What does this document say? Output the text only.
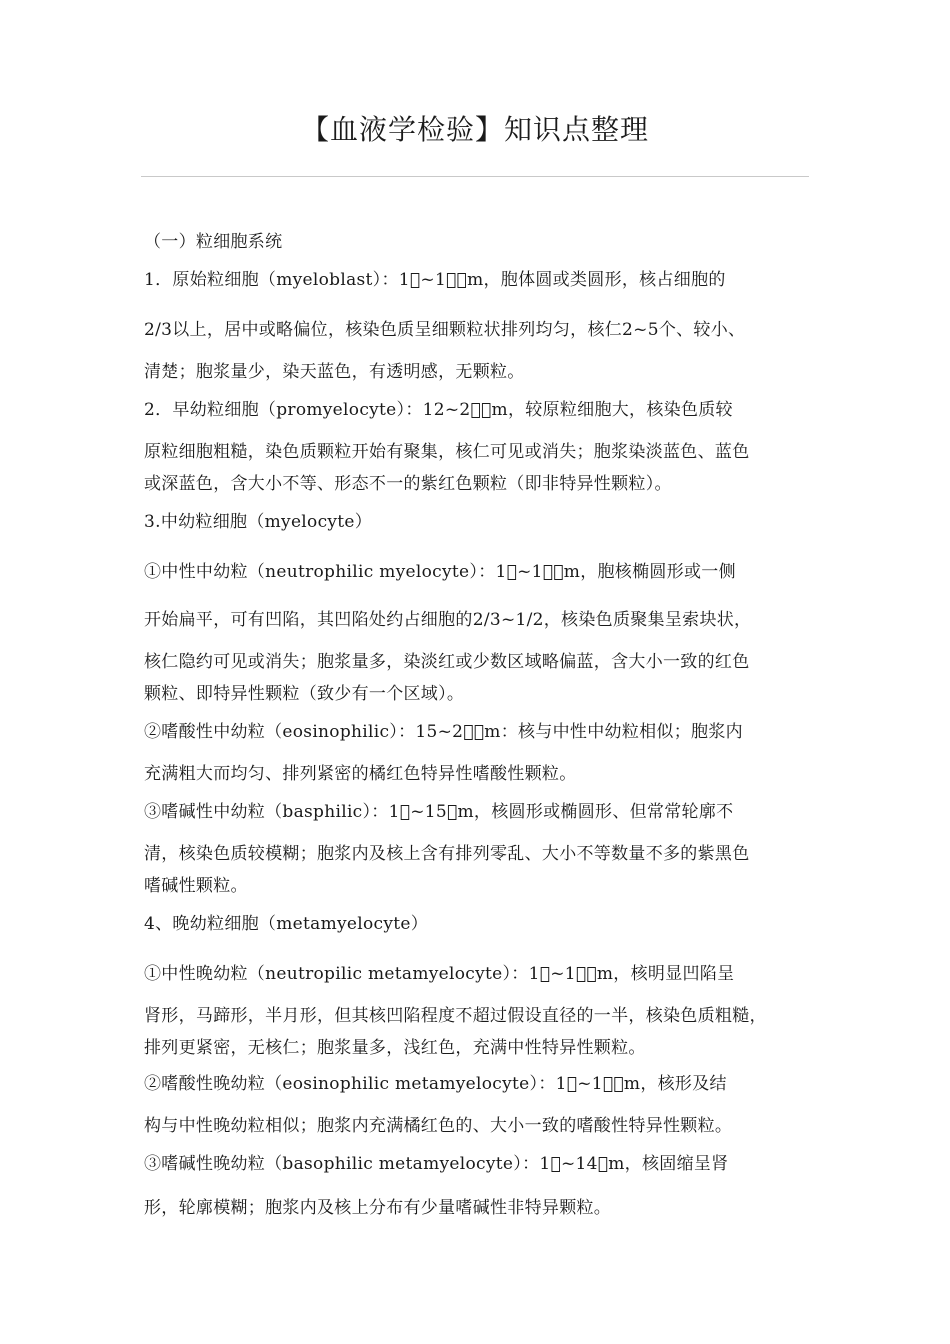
【血液学检验】知识点整理
（一）粒细胞系统
1．原始粒细胞（myeloblast）：1 ~1  m，胞体圆或类圆形，核占细胞的
2/3以上，居中或略偏位，核染色质呈细颗粒状排列均匀，核仁2~5个、较小、
清楚；胞浆量少，染天蓝色，有透明感，无颗粒。
2．早幼粒细胞（promyelocyte）：12~2  m，较原粒细胞大，核染色质较
原粒细胞粗糙，染色质颗粒开始有聚集，核仁可见或消失；胞浆染淡蓝色、蓝色
或深蓝色，含大小不等、形态不一的紫红色颗粒（即非特异性颗粒）。
3.中幼粒细胞（myelocyte）
①中性中幼粒（neutrophilic myelocyte）：1 ~1  m，胞核椭圆形或一侧
开始扁平，可有凹陷，其凹陷处约占细胞的2/3~1/2，核染色质聚集呈索块状，
核仁隐约可见或消失；胞浆量多，染淡红或少数区域略偏蓝，含大小一致的红色
颗粒、即特异性颗粒（致少有一个区域）。
②嗜酸性中幼粒（eosinophilic）：15~2  m：核与中性中幼粒相似；胞浆内
充满粗大而均匀、排列紧密的橘红色特异性嗜酸性颗粒。
③嗜碱性中幼粒（basphilic）：1 ~15 m，核圆形或椭圆形、但常常轮廓不
清，核染色质较模糊；胞浆内及核上含有排列零乱、大小不等数量不多的紫黑色
嗜碱性颗粒。
4、晚幼粒细胞（metamyelocyte）
①中性晚幼粒（neutropilic metamyelocyte）：1 ~1  m，核明显凹陷呈
肾形，马蹄形，半月形，但其核凹陷程度不超过假设直径的一半，核染色质粗糙，
排列更紧密，无核仁；胞浆量多，浅红色，充满中性特异性颗粒。
②嗜酸性晚幼粒（eosinophilic metamyelocyte）：1 ~1  m，核形及结
构与中性晚幼粒相似；胞浆内充满橘红色的、大小一致的嗜酸性特异性颗粒。
③嗜碱性晚幼粒（basophilic metamyelocyte）：1 ~14 m，核固缩呈肾
形，轮廓模糊；胞浆内及核上分布有少量嗜碱性非特异颗粒。
